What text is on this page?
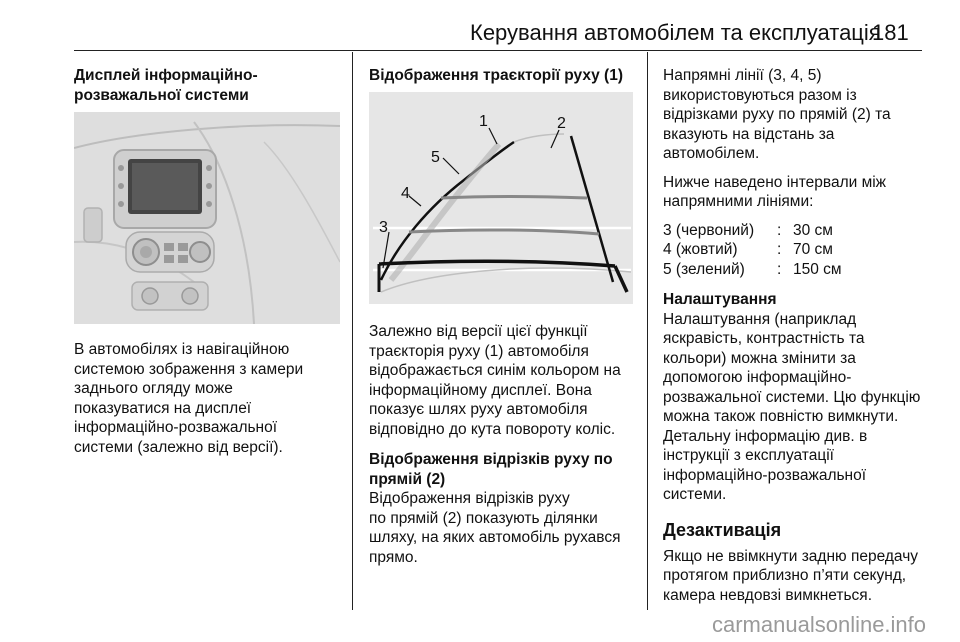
Керування автомобілем та експлуатація
181

Дисплей інформаційно-
розважальної системи

В автомобілях із навігаційною
системою зображення з камери
заднього огляду може
показуватися на дисплеї
інформаційно-розважальної
системи (залежно від версії).

Відображення траєкторії руху (1)

1	2
3
4
5

Залежно від версії цієї функції
траєкторія руху (1) автомобіля
відображається синім кольором на
інформаційному дисплеї. Вона
показує шлях руху автомобіля
відповідно до кута повороту коліс.

Відображення відрізків руху по
прямій (2)

Відображення відрізків руху
по прямій (2) показують ділянки
шляху, на яких автомобіль рухався
прямо.

Напрямні лінії (3, 4, 5)
використовуються разом із
відрізками руху по прямій (2) та
вказують на відстань за
автомобілем.

Нижче наведено інтервали між
напрямними лініями:

3 (червоний)	:	30 см
4 (жовтий)	:	70 см
5 (зелений)	:	150 см

Налаштування

Налаштування (наприклад
яскравість, контрастність та
кольори) можна змінити за
допомогою інформаційно-
розважальної системи. Цю функцію
можна також повністю вимкнути.
Детальну інформацію див. в
інструкції з експлуатації
інформаційно-розважальної
системи.

Дезактивація

Якщо не ввімкнути задню передачу
протягом приблизно п’яти секунд,
камера невдовзі вимкнеться.

carmanualsonline.info
